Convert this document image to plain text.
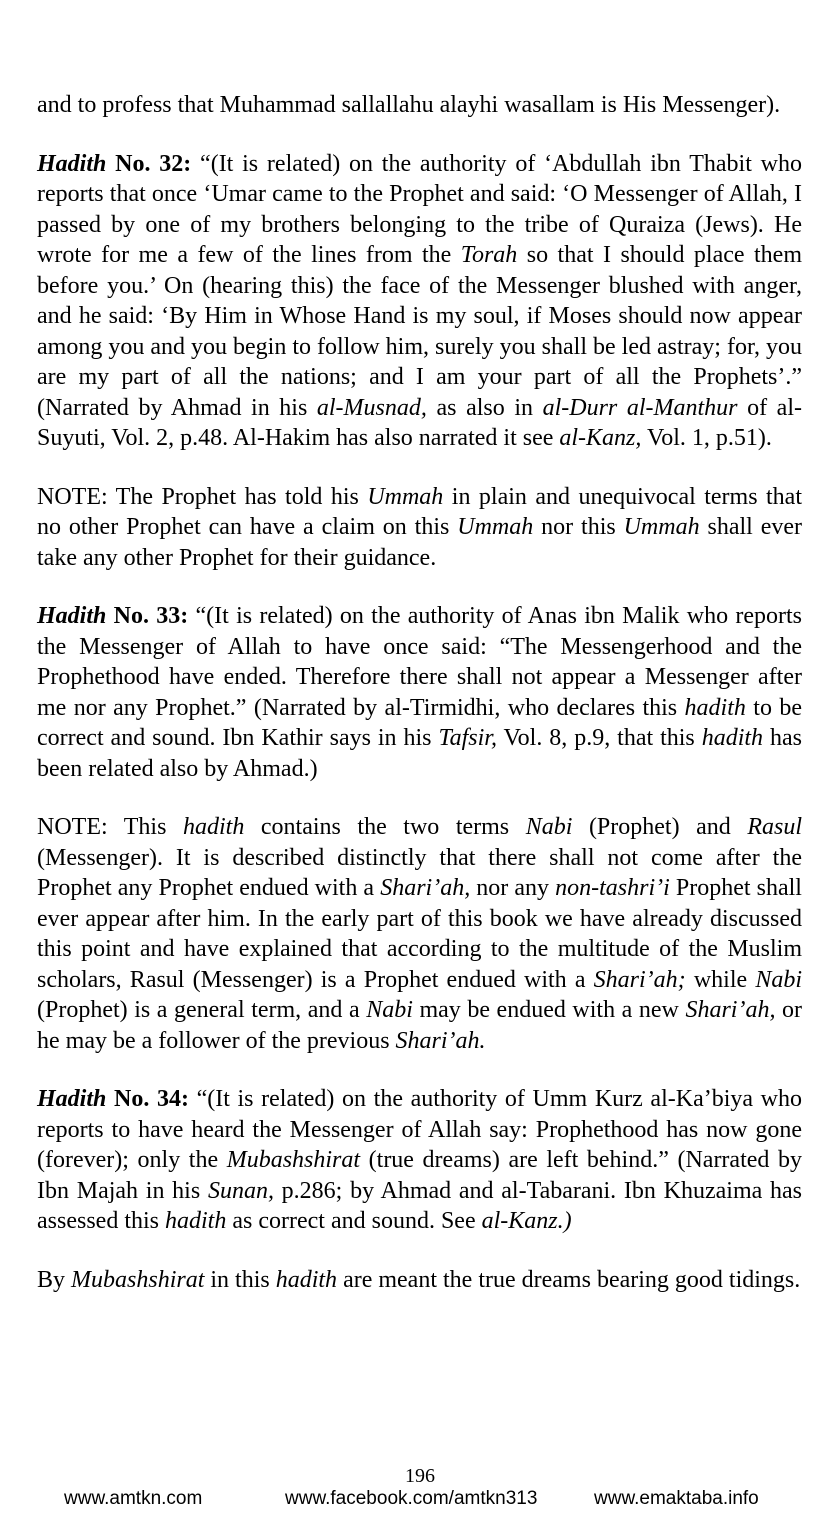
and to profess that Muhammad sallallahu alayhi wasallam is His Messenger).

Hadith No. 32: “(It is related) on the authority of ‘Abdullah ibn Thabit who reports that once ‘Umar came to the Prophet and said: ‘O Messenger of Allah, I passed by one of my brothers belonging to the tribe of Quraiza (Jews). He wrote for me a few of the lines from the Torah so that I should place them before you.’ On (hearing this) the face of the Messenger blushed with anger, and he said: ‘By Him in Whose Hand is my soul, if Moses should now appear among you and you begin to follow him, surely you shall be led astray; for, you are my part of all the nations; and I am your part of all the Prophets’.” (Narrated by Ahmad in his al-Musnad, as also in al-Durr al-Manthur of al-Suyuti, Vol. 2, p.48. Al-Hakim has also narrated it see al-Kanz, Vol. 1, p.51).

NOTE: The Prophet has told his Ummah in plain and unequivocal terms that no other Prophet can have a claim on this Ummah nor this Ummah shall ever take any other Prophet for their guidance.

Hadith No. 33: “(It is related) on the authority of Anas ibn Malik who reports the Messenger of Allah to have once said: “The Messengerhood and the Prophethood have ended. Therefore there shall not appear a Messenger after me nor any Prophet.” (Narrated by al-Tirmidhi, who declares this hadith to be correct and sound. Ibn Kathir says in his Tafsir, Vol. 8, p.9, that this hadith has been related also by Ahmad.)

NOTE: This hadith contains the two terms Nabi (Prophet) and Rasul (Messenger). It is described distinctly that there shall not come after the Prophet any Prophet endued with a Shari’ah, nor any non-tashri’i Prophet shall ever appear after him. In the early part of this book we have already discussed this point and have explained that according to the multitude of the Muslim scholars, Rasul (Messenger) is a Prophet endued with a Shari’ah; while Nabi (Prophet) is a general term, and a Nabi may be endued with a new Shari’ah, or he may be a follower of the previous Shari’ah.

Hadith No. 34: “(It is related) on the authority of Umm Kurz al-Ka’biya who reports to have heard the Messenger of Allah say: Prophethood has now gone (forever); only the Mubashshirat (true dreams) are left behind.” (Narrated by Ibn Majah in his Sunan, p.286; by Ahmad and al-Tabarani. Ibn Khuzaima has assessed this hadith as correct and sound. See al-Kanz.)

By Mubashshirat in this hadith are meant the true dreams bearing good tidings.

196
www.amtkn.com	www.facebook.com/amtkn313	www.emaktaba.info
